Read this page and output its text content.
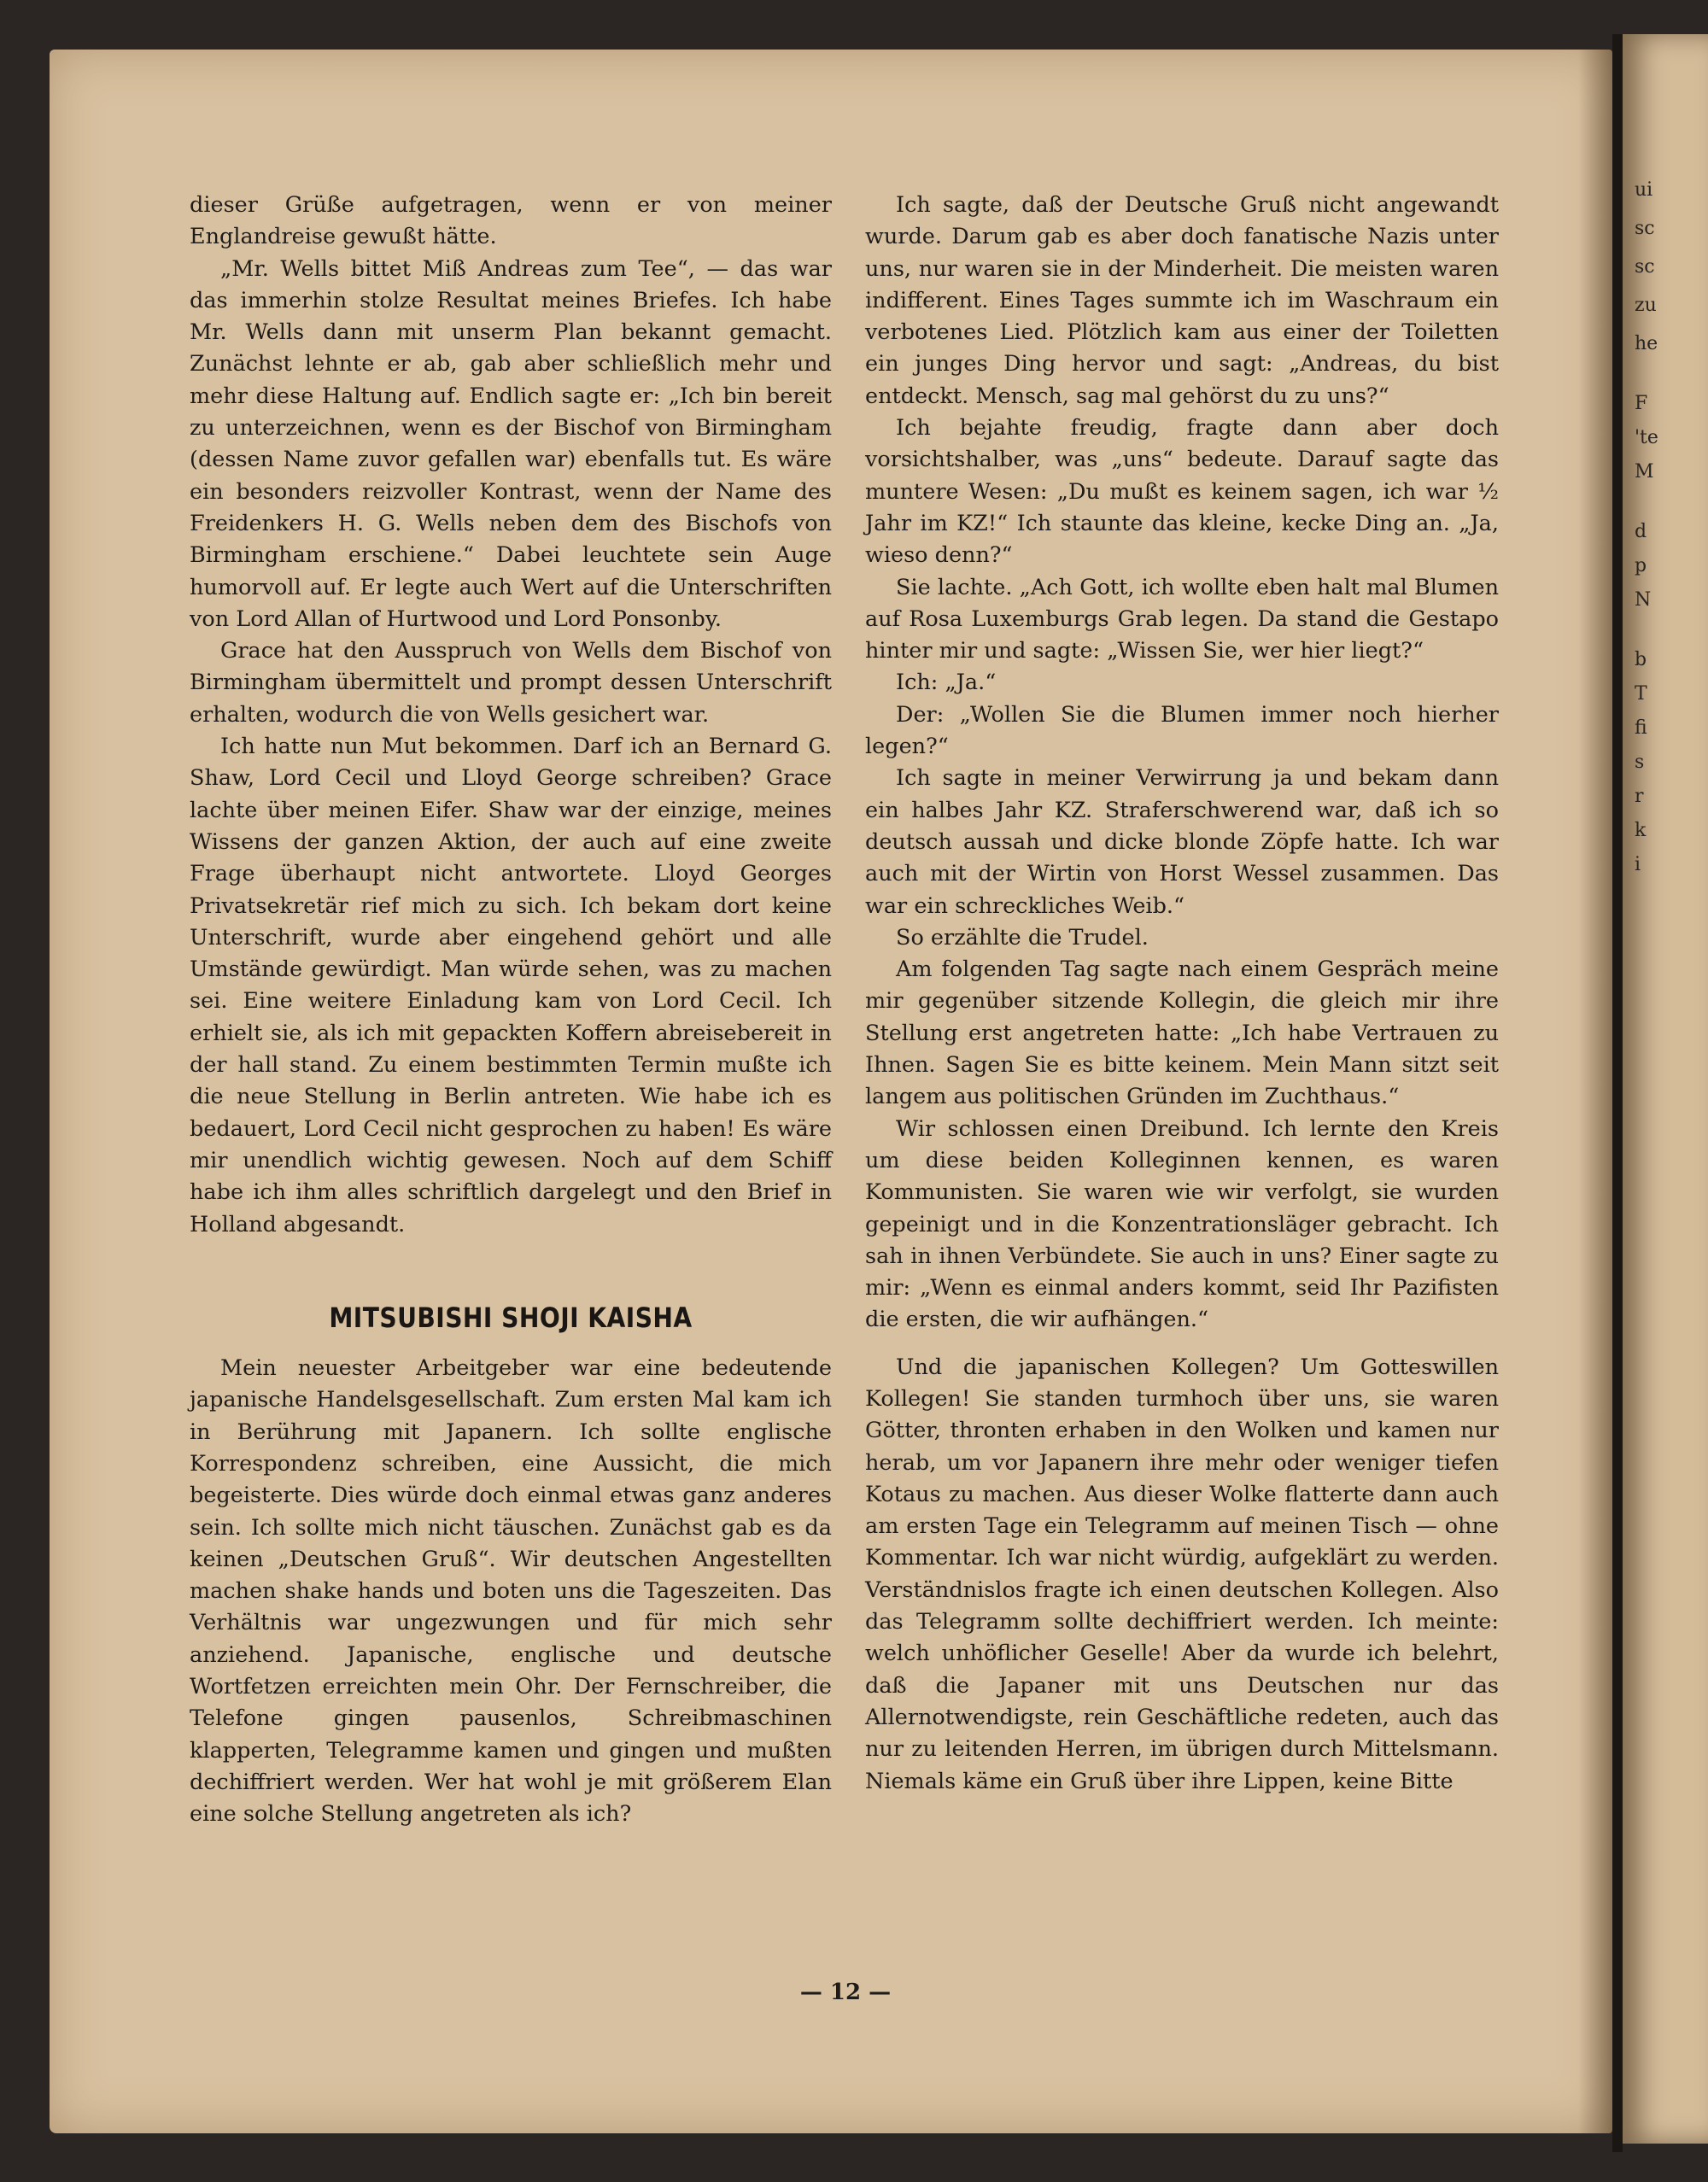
ui
sc
sc
zu
he
F
'te
M
d
p
N
b
T
fi
s
r
k
i

dieser Grüße aufgetragen, wenn er von meiner Englandreise gewußt hätte.

„Mr. Wells bittet Miß Andreas zum Tee“, — das war das immerhin stolze Resultat meines Briefes. Ich habe Mr. Wells dann mit unserm Plan bekannt gemacht. Zunächst lehnte er ab, gab aber schließlich mehr und mehr diese Haltung auf. Endlich sagte er: „Ich bin bereit zu unterzeichnen, wenn es der Bischof von Birmingham (dessen Name zuvor gefallen war) ebenfalls tut. Es wäre ein besonders reizvoller Kontrast, wenn der Name des Freidenkers H. G. Wells neben dem des Bischofs von Birmingham erschiene.“ Dabei leuchtete sein Auge humorvoll auf. Er legte auch Wert auf die Unterschriften von Lord Allan of Hurtwood und Lord Ponsonby.

Grace hat den Ausspruch von Wells dem Bischof von Birmingham übermittelt und prompt dessen Unterschrift erhalten, wodurch die von Wells gesichert war.

Ich hatte nun Mut bekommen. Darf ich an Bernard G. Shaw, Lord Cecil und Lloyd George schreiben? Grace lachte über meinen Eifer. Shaw war der einzige, meines Wissens der ganzen Aktion, der auch auf eine zweite Frage überhaupt nicht antwortete. Lloyd Georges Privatsekretär rief mich zu sich. Ich bekam dort keine Unterschrift, wurde aber eingehend gehört und alle Umstände gewürdigt. Man würde sehen, was zu machen sei. Eine weitere Einladung kam von Lord Cecil. Ich erhielt sie, als ich mit gepackten Koffern abreisebereit in der hall stand. Zu einem bestimmten Termin mußte ich die neue Stellung in Berlin antreten. Wie habe ich es bedauert, Lord Cecil nicht gesprochen zu haben! Es wäre mir unendlich wichtig gewesen. Noch auf dem Schiff habe ich ihm alles schriftlich dargelegt und den Brief in Holland abgesandt.

MITSUBISHI SHOJI KAISHA

Mein neuester Arbeitgeber war eine bedeutende japanische Handelsgesellschaft. Zum ersten Mal kam ich in Berührung mit Japanern. Ich sollte englische Korrespondenz schreiben, eine Aussicht, die mich begeisterte. Dies würde doch einmal etwas ganz anderes sein. Ich sollte mich nicht täuschen. Zunächst gab es da keinen „Deutschen Gruß“. Wir deutschen Angestellten machen shake hands und boten uns die Tageszeiten. Das Verhältnis war ungezwungen und für mich sehr anziehend. Japanische, englische und deutsche Wortfetzen erreichten mein Ohr. Der Fernschreiber, die Telefone gingen pausenlos, Schreibmaschinen klapperten, Telegramme kamen und gingen und mußten dechiffriert werden. Wer hat wohl je mit größerem Elan eine solche Stellung angetreten als ich?

Ich sagte, daß der Deutsche Gruß nicht angewandt wurde. Darum gab es aber doch fanatische Nazis unter uns, nur waren sie in der Minderheit. Die meisten waren indifferent. Eines Tages summte ich im Waschraum ein verbotenes Lied. Plötzlich kam aus einer der Toiletten ein junges Ding hervor und sagt: „Andreas, du bist entdeckt. Mensch, sag mal gehörst du zu uns?“

Ich bejahte freudig, fragte dann aber doch vorsichtshalber, was „uns“ bedeute. Darauf sagte das muntere Wesen: „Du mußt es keinem sagen, ich war ½ Jahr im KZ!“ Ich staunte das kleine, kecke Ding an. „Ja, wieso denn?“

Sie lachte. „Ach Gott, ich wollte eben halt mal Blumen auf Rosa Luxemburgs Grab legen. Da stand die Gestapo hinter mir und sagte: „Wissen Sie, wer hier liegt?“

Ich: „Ja.“

Der: „Wollen Sie die Blumen immer noch hierher legen?“

Ich sagte in meiner Verwirrung ja und bekam dann ein halbes Jahr KZ. Straferschwerend war, daß ich so deutsch aussah und dicke blonde Zöpfe hatte. Ich war auch mit der Wirtin von Horst Wessel zusammen. Das war ein schreckliches Weib.“

So erzählte die Trudel.

Am folgenden Tag sagte nach einem Gespräch meine mir gegenüber sitzende Kollegin, die gleich mir ihre Stellung erst angetreten hatte: „Ich habe Vertrauen zu Ihnen. Sagen Sie es bitte keinem. Mein Mann sitzt seit langem aus politischen Gründen im Zuchthaus.“

Wir schlossen einen Dreibund. Ich lernte den Kreis um diese beiden Kolleginnen kennen, es waren Kommunisten. Sie waren wie wir verfolgt, sie wurden gepeinigt und in die Konzentrationsläger gebracht. Ich sah in ihnen Verbündete. Sie auch in uns? Einer sagte zu mir: „Wenn es einmal anders kommt, seid Ihr Pazifisten die ersten, die wir aufhängen.“

Und die japanischen Kollegen? Um Gotteswillen Kollegen! Sie standen turmhoch über uns, sie waren Götter, thronten erhaben in den Wolken und kamen nur herab, um vor Japanern ihre mehr oder weniger tiefen Kotaus zu machen. Aus dieser Wolke flatterte dann auch am ersten Tage ein Telegramm auf meinen Tisch — ohne Kommentar. Ich war nicht würdig, aufgeklärt zu werden. Verständnislos fragte ich einen deutschen Kollegen. Also das Telegramm sollte dechiffriert werden. Ich meinte: welch unhöflicher Geselle! Aber da wurde ich belehrt, daß die Japaner mit uns Deutschen nur das Allernotwendigste, rein Geschäftliche redeten, auch das nur zu leitenden Herren, im übrigen durch Mittelsmann. Niemals käme ein Gruß über ihre Lippen, keine Bitte

— 12 —
